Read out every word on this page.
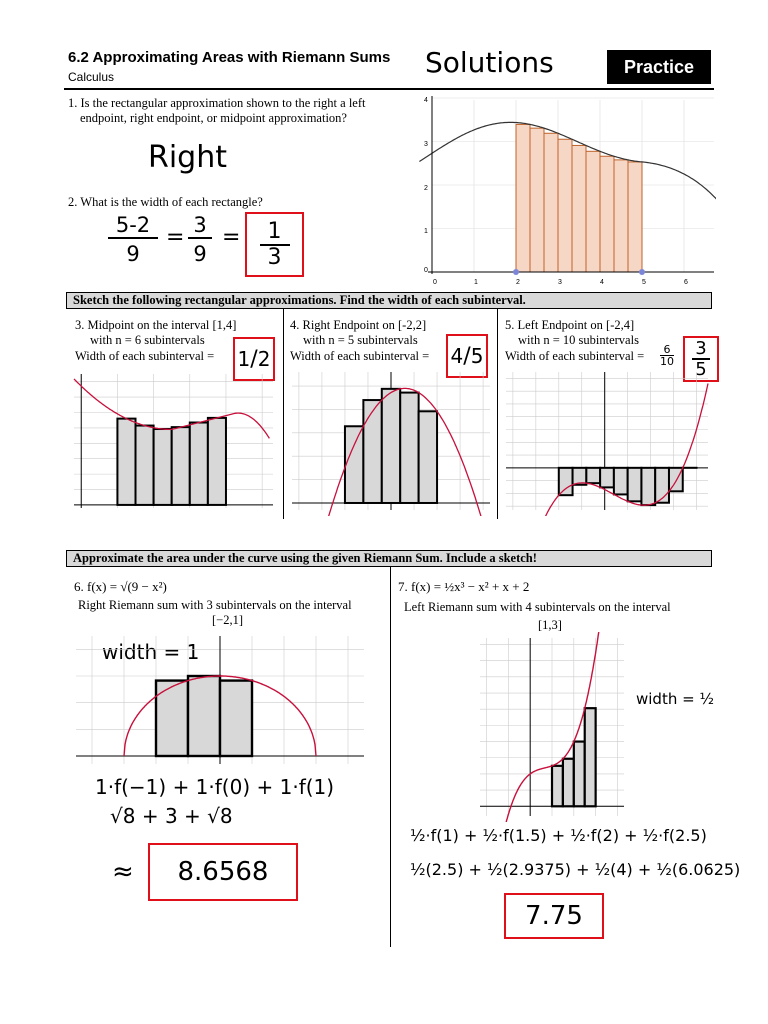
6.2 Approximating Areas with Riemann Sums
Calculus	Solutions	Practice
1. Is the rectangular approximation shown to the right a left
endpoint, right endpoint, or midpoint approximation?
Right
2. What is the width of each rectangle?
5-2
9
= 3
9
= $\frac{1}{3}$
4
3
2
1
0
0	1	2	3	4	5	6
Sketch the following rectangular approximations. Find the width of each subinterval.
3. Midpoint on the interval [1,4]
with n = 6 subintervals
Width of each subinterval = 1 / 2
4. Right Endpoint on [-2,2]
with n = 5 subintervals
Width of each subinterval = 4 / 5
5. Left Endpoint on [-2,4]
with n = 10 subintervals
Width of each subinterval = $\frac{6}{10} \frac{3}{5}$
Approximate the area under the curve using the given Riemann Sum. Include a sketch!
6. f(x) = √(9 − x²)
Right Riemann sum with 3 subintervals on the interval
[−2,1]
width = 1
1·f(−1) + 1·f(0) + 1·f(1)
√8 + 3 + √8
≈	8.6568
7. f(x) = ½x³ − x² + x + 2
Left Riemann sum with 4 subintervals on the interval
[1,3]
width = ½
½·f(1) + ½·f(1.5) + ½·f(2) + ½·f(2.5)
½(2.5) + ½(2.9375) + ½(4) + ½(6.0625)
7.75
